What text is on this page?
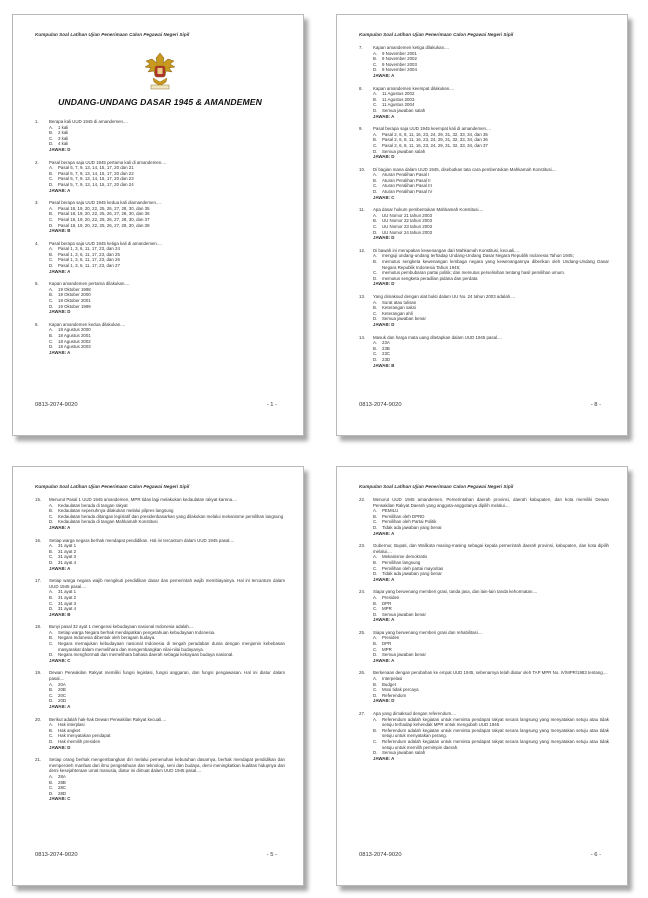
Kumpulan Soal Latihan Ujian Penerimaan Calon Pegawai Negeri Sipil
UNDANG-UNDANG DASAR 1945 & AMANDEMEN
1.	Berapa kali UUD 1945 di amandemen....
A.	1 kali
B.	2 kali
C.	3 kali
D.	4 kali
JAWAB: D
2.	Pasal berapa saja UUD 1945 pertama kali di amandemen....
A.	Pasal 5, 7, 9, 13, 14, 15, 17, 20 dan 21
B.	Pasal 5, 7, 9, 13, 14, 15, 17, 20 dan 22
C.	Pasal 5, 7, 9, 13, 14, 15, 17, 20 dan 23
D.	Pasal 5, 7, 9, 13, 14, 15, 17, 20 dan 24
JAWAB: A
3.	Pasal berapa saja UUD 1945 kedua kali diamandemen....
A.	Pasal 18, 19, 20, 22, 25, 26, 27, 28, 30, dan 35
B.	Pasal 18, 19, 20, 22, 25, 26, 27, 28, 30, dan 36
C.	Pasal 18, 19, 20, 22, 25, 26, 27, 28, 30, dan 37
D.	Pasal 18, 19, 20, 22, 25, 26, 27, 28, 30, dan 38
JAWAB: B
4.	Pasal berapa saja UUD 1945 ketiga kali di amandemen....
A.	Pasal 1, 3, 6, 11, 17, 23, dan 24
B.	Pasal 1, 3, 6, 11, 17, 23, dan 25
C.	Pasal 1, 3, 6, 11, 17, 23, dan 26
D.	Pasal 1, 3, 6, 11, 17, 23, dan 27
JAWAB: A
5.	Kapan amandemen pertama dilakukan....
A.	19 Oktober 1998
B.	19 Oktober 2000
C.	19 Oktober 2001
D.	19 Oktober 1999
JAWAB: D
6.	Kapan amandemen kedua dilakukan....
A.	18 Agustus 2000
B.	18 Agustus 2001
C.	18 Agustus 2002
D.	18 Agustus 2003
JAWAB: A
0813-2074-9020	- 1 -
Kumpulan Soal Latihan Ujian Penerimaan Calon Pegawai Negeri Sipil
7.	Kapan amandemen ketiga dilakukan....
A.	9 November 2001
B.	9 November 2002
C.	9 November 2003
D.	9 November 2004
JAWAB: A
8.	Kapan amandemen keempat dilakukan....
A.	11 Agustus 2002
B.	11 Agustus 2003
C.	11 Agustus 2004
D.	Semua jawaban salah
JAWAB: A
9.	Pasal berapa saja UUD 1945 keempat kali di amandemen....
A.	Pasal 2, 6, 8, 11, 16, 23, 24, 29, 31, 32, 33, 34, dan 35
B.	Pasal 2, 6, 8, 11, 16, 23, 24, 29, 31, 32, 33, 34, dan 36
C.	Pasal 2, 6, 8, 11, 16, 23, 24, 29, 31, 32, 33, 34, dan 37
D.	Semua jawaban salah
JAWAB: D
10.	Di bagian mana dalam UUD 1945, disebutkan tata cara pembentukan Mahkamah Konstitusi....
A.	Aturan Peralihan Pasal I
B.	Aturan Peralihan Pasal II
C.	Aturan Peralihan Pasal III
D.	Aturan Peralihan Pasal IV
JAWAB: C
11.	Apa dasar hukum pembentukan Mahkamah Konstitusi....
A.	UU Nomor 21 tahun 2003
B.	UU Nomor 22 tahun 2003
C.	UU Nomor 23 tahun 2003
D.	UU Nomor 24 tahun 2003
JAWAB: D
12.	Di bawah ini merupakan kewenangan dari Mahkamah Konstitusi, kecuali....
A.	menguji undang-undang terhadap Undang-Undang Dasar Negara Republik Indonesia Tahun 1945;
B.	memutus sengketa kewenangan lembaga negara yang kewenangannya diberikan oleh Undang-Undang Dasar Negara Republik Indonesia Tahun 1945;
C.	memutus pembubaran partai politik; dan memutus perselisihan tentang hasil pemilihan umum.
D.	memutus sengketa peradilan pidana dan perdata
JAWAB: D
13.	Yang dimaksud dengan alat bukti dalam UU No. 24 tahun 2003 adalah....
A.	Surat atau tulisan
B.	Keterangan saksi
C.	Keterangan ahli
D.	Semua jawaban benar
JAWAB: D
14.	Masuk dan harga mata uang ditetapkan dalam UUD 1945 pasal....
A.	23A
B.	23B
C.	23C
D.	23D
JAWAB: B
0813-2074-9020	- 8 -
Kumpulan Soal Latihan Ujian Penerimaan Calon Pegawai Negeri Sipil
15.	Menurut Pasal 1 UUD 1945 amandemen, MPR tidas lagi melakukan kedaulatan rakyat karena....
A.	Kedaulatan berada di tangan rakyat
B.	Kedaulatan sepenuhnya dilakukan melalui pilpres langsung
C.	Kedaulatan berada ditangan legislatif dan presidenbasarkan yang dilakukan melalui mekanisme pemilihan langsung
D.	Kedaulatan berada di tangan Mahkamah Konstitusi
JAWAB: A
16.	Setiap warga negara berhak mendapat pendidikan. Hal ini tercantum dalam UUD 1945 pasal....
A.	31 ayat 1
B.	31 ayat 2
C.	31 ayat 3
D.	31 ayat 4
JAWAB: A
17.	Setiap warga negara wajib mengikuti pendidikan dasar dan pemerintah wajib membiayainya. Hal ini tercantum dalam UUD 1945 pasal....
A.	31 ayat 1
B.	31 ayat 2
C.	31 ayat 3
D.	31 ayat 4
JAWAB: B
18.	Bunyi pasal 32 ayat 1 mengenai kebudayaan nasional Indonesia adalah....
A.	Setiap warga Negara berhak mendapatkan pengetahuan kebudayaan Indonesia.
B.	Negara Indonesia dibentuk oleh beragam budaya.
C.	Negara memajukan kebudayaan nasional Indonesia di tengah peradaban dunia dengan menjamin kebebasan masyarakat dalam memelihara dan mengembangkan nilai-nilai budayanya.
D.	Negara menghormati dan memelihara bahasa daerah sebagai kekayaan budaya nasional.
JAWAB: C
19.	Dewan Perwakilan Rakyat memiliki fungsi legislasi, fungsi anggaran, dan fungsi pengawasan. Hal ini diatur dalam pasal....
A.	20A
B.	20B
C.	20C
D.	20D
JAWAB: A
20.	Berikut adalah hak-hak Dewan Perwakilan Rakyat kecuali....
A.	Hak interplasi
B.	Hak angket
C.	Hak menyatakan pendapat
D.	Hak memilih presiden
JAWAB: D
21.	Setiap orang berhak mengembangkan diri melalui pemenuhan kebutuhan dasarnya, berhak mendapat pendidikan dan memperoleh manfaat dari ilmu pengetahuan dan teknologi, seni dan budaya, demi meningkatkan kualitas hidupnya dan demi kesejahteraan umat manusia, diatur ini dimuat dalam UUD 1945 pasal....
A.	28A
B.	28B
C.	28C
D.	28D
JAWAB: C
0813-2074-9020	- 5 -
Kumpulan Soal Latihan Ujian Penerimaan Calon Pegawai Negeri Sipil
22.	Menurut UUD 1945 amandemen, Pemerintahan daerah provinsi, daerah kabupaten, dan kota memiliki Dewan Perwakilan Rakyat Daerah yang anggota-anggotanya dipilih melalui....
A.	PEMILU
B.	Pemilihan oleh DPRD
C.	Pemilihan oleh Partai Politik
D.	Tidak ada jawaban yang benar
JAWAB: A
23.	Gubernur, Bupati, dan Walikota masing-masing sebagai kepala pemerintah daerah provinsi, kabupaten, dan kota dipilih melalui....
A.	Mekanisme demokratis
B.	Pemilihan langsung
C.	Pemilihan oleh partai mayoritas
D.	Tidak ada jawaban yang benar
JAWAB: A
24.	Siapa yang berwenang memberi grasi, tanda jasa, dan lain-lain tanda kehormatan....
A.	Presiden
B.	DPR
C.	MPR
D.	Semua jawaban benar
JAWAB: A
25.	Siapa yang berwenang memberi grasi dan rehabilitasi....
A.	Presiden
B.	DPR
C.	MPR
D.	Semua jawaban benar
JAWAB: A
26.	Berkenaan dengan perubahan ke empat UUD 1945, sebenarnya telah diatur oleh TAP MPR No. IV/MPR/1983 tentang....
A.	Interpelasi
B.	Budget
C.	Mosi tidak percaya
D.	Referendum
JAWAB: D
27.	Apa yang dimaksud dengan referendum....
A.	Referendum adalah kegiatan untuk meminta pendapat rakyat secara langsung yang menyatakan setuju atau tidak setuju terhadap kehendak MPR untuk mengubah UUD 1945
B.	Referendum adalah kegiatan untuk meminta pendapat rakyat secara langsung yang menyatakan setuju atau tidak setuju untuk menyatakan perang.
C.	Referendum adalah kegiatan untuk meminta pendapat rakyat secara langsung yang menyatakan setuju atau tidak setuju untuk memilih pemimpin daerah.
D.	Semua jawaban salah
JAWAB: A
0813-2074-9020	- 6 -
